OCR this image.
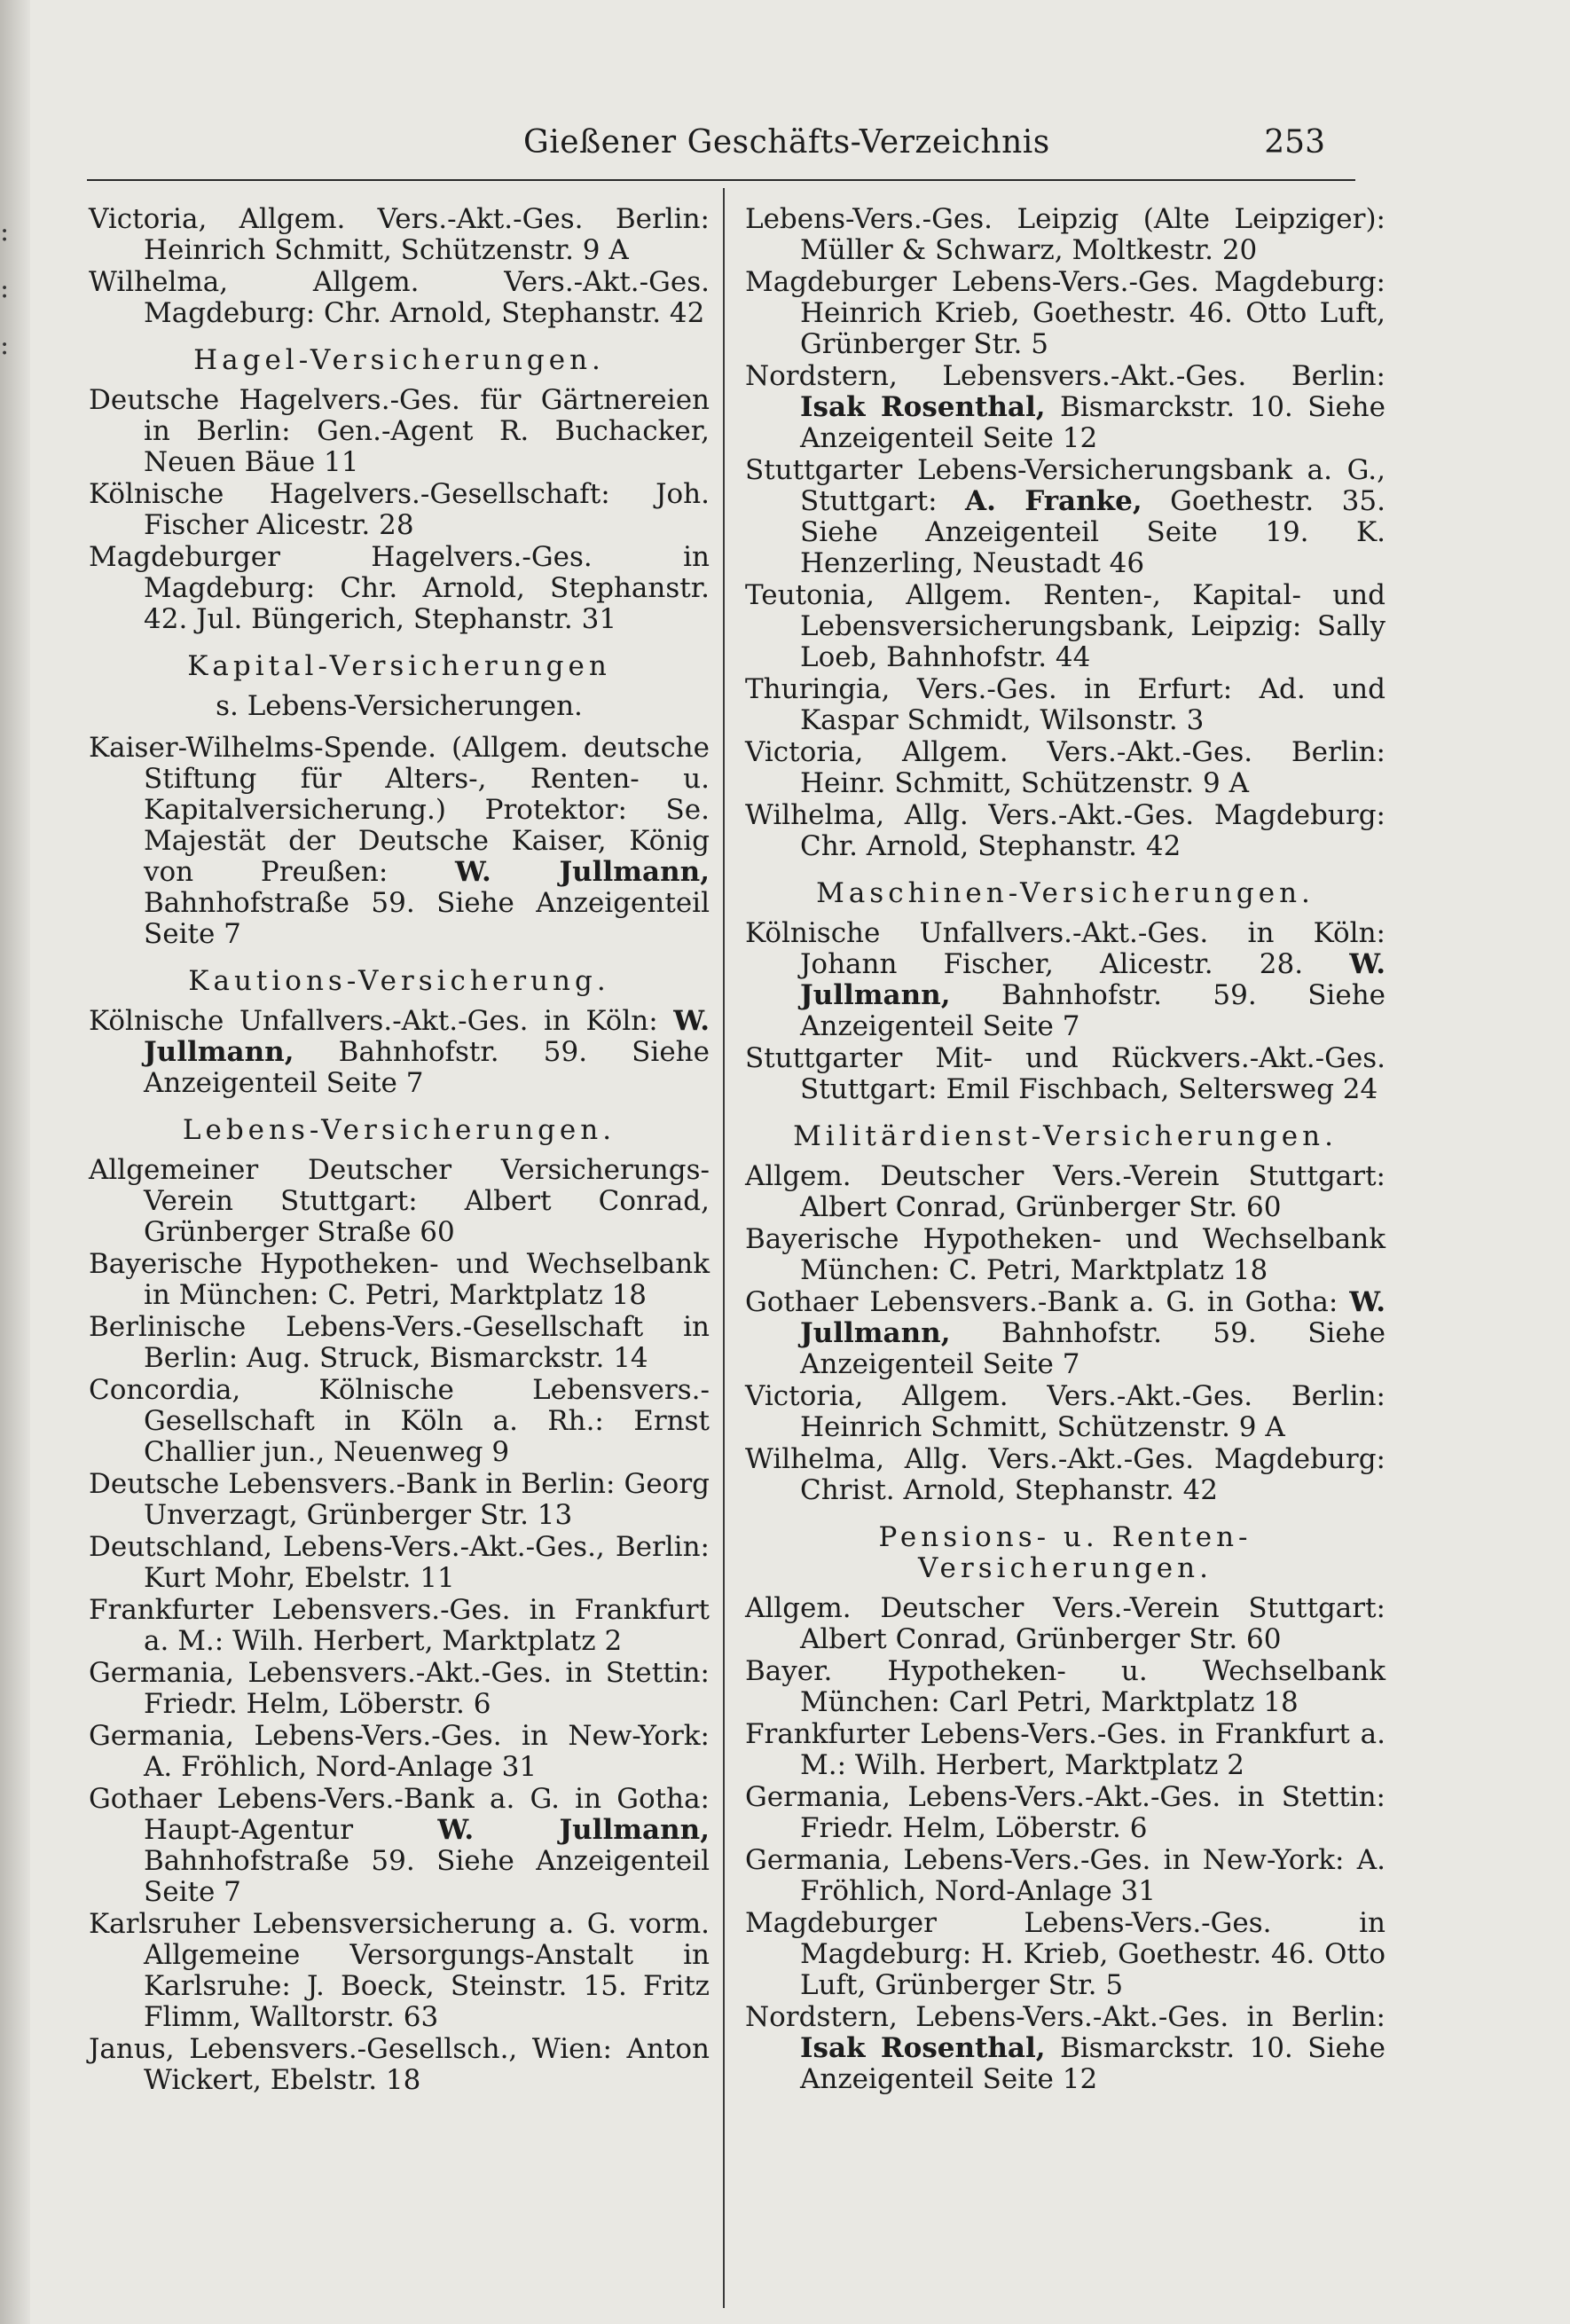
:
:
:
Gießener Geschäfts-Verzeichnis	253
Victoria, Allgem. Vers.-Akt.-Ges. Berlin: Heinrich Schmitt, Schützenstr. 9 A
Wilhelma, Allgem. Vers.-Akt.-Ges. Magdeburg: Chr. Arnold, Stephanstr. 42
Hagel-Versicherungen.
Deutsche Hagelvers.-Ges. für Gärtnereien in Berlin: Gen.-Agent R. Buchacker, Neuen Bäue 11
Kölnische Hagelvers.-Gesellschaft: Joh. Fischer Alicestr. 28
Magdeburger Hagelvers.-Ges. in Magdeburg: Chr. Arnold, Stephanstr. 42. Jul. Büngerich, Stephanstr. 31
Kapital-Versicherungen
s. Lebens-Versicherungen.
Kaiser-Wilhelms-Spende. (Allgem. deutsche Stiftung für Alters-, Renten- u. Kapitalversicherung.) Protektor: Se. Majestät der Deutsche Kaiser, König von Preußen: W. Jullmann, Bahnhofstraße 59. Siehe Anzeigenteil Seite 7
Kautions-Versicherung.
Kölnische Unfallvers.-Akt.-Ges. in Köln: W. Jullmann, Bahnhofstr. 59. Siehe Anzeigenteil Seite 7
Lebens-Versicherungen.
Allgemeiner Deutscher Versicherungs-Verein Stuttgart: Albert Conrad, Grünberger Straße 60
Bayerische Hypotheken- und Wechselbank in München: C. Petri, Marktplatz 18
Berlinische Lebens-Vers.-Gesellschaft in Berlin: Aug. Struck, Bismarckstr. 14
Concordia, Kölnische Lebensvers.-Gesellschaft in Köln a. Rh.: Ernst Challier jun., Neuenweg 9
Deutsche Lebensvers.-Bank in Berlin: Georg Unverzagt, Grünberger Str. 13
Deutschland, Lebens-Vers.-Akt.-Ges., Berlin: Kurt Mohr, Ebelstr. 11
Frankfurter Lebensvers.-Ges. in Frankfurt a. M.: Wilh. Herbert, Marktplatz 2
Germania, Lebensvers.-Akt.-Ges. in Stettin: Friedr. Helm, Löberstr. 6
Germania, Lebens-Vers.-Ges. in New-York: A. Fröhlich, Nord-Anlage 31
Gothaer Lebens-Vers.-Bank a. G. in Gotha: Haupt-Agentur	W. Jullmann, Bahnhofstraße 59. Siehe Anzeigenteil Seite 7
Karlsruher Lebensversicherung a. G. vorm. Allgemeine Versorgungs-Anstalt in Karlsruhe: J. Boeck, Steinstr. 15. Fritz Flimm, Walltorstr. 63
Janus, Lebensvers.-Gesellsch., Wien: Anton Wickert, Ebelstr. 18
Lebens-Vers.-Ges. Leipzig (Alte Leipziger): Müller & Schwarz, Moltkestr. 20
Magdeburger Lebens-Vers.-Ges. Magdeburg: Heinrich Krieb, Goethestr. 46. Otto Luft, Grünberger Str. 5
Nordstern, Lebensvers.-Akt.-Ges. Berlin: Isak Rosenthal, Bismarckstr. 10. Siehe Anzeigenteil Seite 12
Stuttgarter Lebens-Versicherungsbank a. G., Stuttgart: A. Franke, Goethestr. 35. Siehe Anzeigenteil Seite 19. K. Henzerling, Neustadt 46
Teutonia, Allgem. Renten-, Kapital- und Lebensversicherungsbank, Leipzig: Sally Loeb, Bahnhofstr. 44
Thuringia, Vers.-Ges. in Erfurt: Ad. und Kaspar Schmidt, Wilsonstr. 3
Victoria, Allgem. Vers.-Akt.-Ges. Berlin: Heinr. Schmitt, Schützenstr. 9 A
Wilhelma, Allg. Vers.-Akt.-Ges. Magdeburg: Chr. Arnold, Stephanstr. 42
Maschinen-Versicherungen.
Kölnische Unfallvers.-Akt.-Ges. in Köln: Johann Fischer, Alicestr. 28. W. Jullmann, Bahnhofstr. 59. Siehe Anzeigenteil Seite 7
Stuttgarter Mit- und Rückvers.-Akt.-Ges. Stuttgart: Emil Fischbach, Seltersweg 24
Militärdienst-Versicherungen.
Allgem. Deutscher Vers.-Verein Stuttgart: Albert Conrad, Grünberger Str. 60
Bayerische Hypotheken- und Wechselbank München: C. Petri, Marktplatz 18
Gothaer Lebensvers.-Bank a. G. in Gotha: W. Jullmann, Bahnhofstr. 59. Siehe Anzeigenteil Seite 7
Victoria, Allgem. Vers.-Akt.-Ges. Berlin: Heinrich Schmitt, Schützenstr. 9 A
Wilhelma, Allg. Vers.-Akt.-Ges. Magdeburg: Christ. Arnold, Stephanstr. 42
Pensions- u. Renten-Versicherungen.
Allgem. Deutscher Vers.-Verein Stuttgart: Albert Conrad, Grünberger Str. 60
Bayer. Hypotheken- u. Wechselbank München: Carl Petri, Marktplatz 18
Frankfurter Lebens-Vers.-Ges. in Frankfurt a. M.: Wilh. Herbert, Marktplatz 2
Germania, Lebens-Vers.-Akt.-Ges. in Stettin: Friedr. Helm, Löberstr. 6
Germania, Lebens-Vers.-Ges. in New-York: A. Fröhlich, Nord-Anlage 31
Magdeburger Lebens-Vers.-Ges. in Magdeburg: H. Krieb, Goethestr. 46. Otto Luft, Grünberger Str. 5
Nordstern, Lebens-Vers.-Akt.-Ges. in Berlin: Isak Rosenthal, Bismarckstr. 10. Siehe Anzeigenteil Seite 12
